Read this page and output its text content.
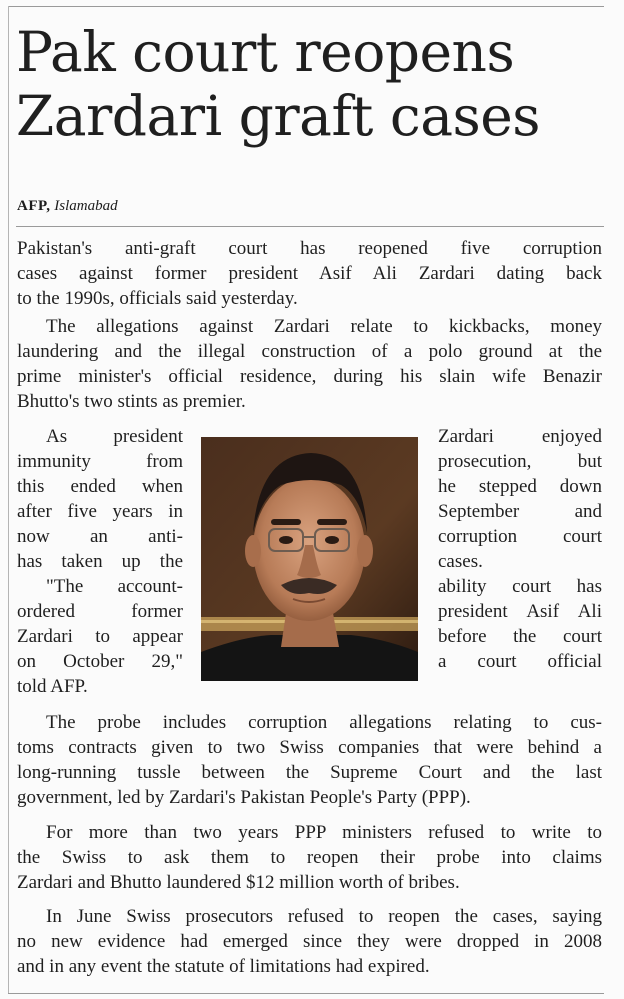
Pak court reopens
Zardari graft cases
AFP, Islamabad
Pakistan's anti-graft court has reopened five corruption
cases against former president Asif Ali Zardari dating back
to the 1990s, officials said yesterday.
The allegations against Zardari relate to kickbacks, money
laundering and the illegal construction of a polo ground at the
prime minister's official residence, during his slain wife Benazir
Bhutto's two stints as premier.
As president
immunity from
this ended when
after five years in
now an anti-
has taken up the
"The account-
ordered former
Zardari to appear
on October 29,"
told AFP.
Zardari enjoyed
prosecution, but
he stepped down
September and
corruption court
cases.
ability court has
president Asif Ali
before the court
a court official
The probe includes corruption allegations relating to cus-
toms contracts given to two Swiss companies that were behind a
long-running tussle between the Supreme Court and the last
government, led by Zardari's Pakistan People's Party (PPP).
For more than two years PPP ministers refused to write to
the Swiss to ask them to reopen their probe into claims
Zardari and Bhutto laundered $12 million worth of bribes.
In June Swiss prosecutors refused to reopen the cases, saying
no new evidence had emerged since they were dropped in 2008
and in any event the statute of limitations had expired.
